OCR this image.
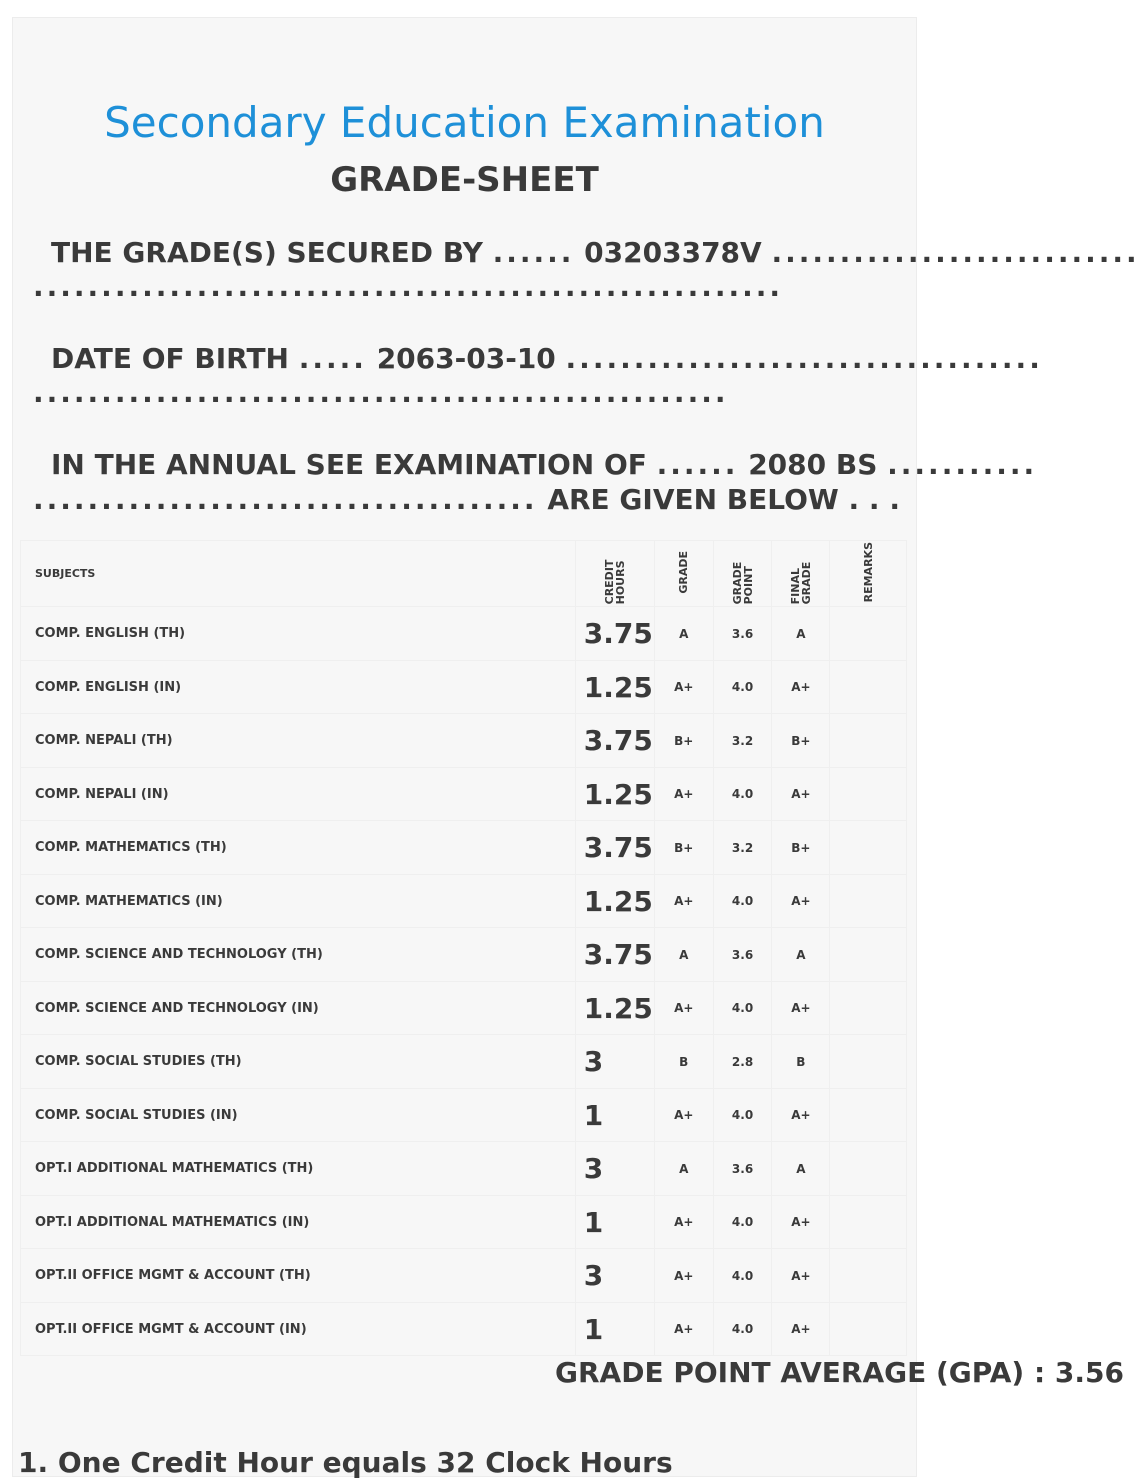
Secondary Education Examination
GRADE-SHEET
THE GRADE(S) SECURED BY ...... 03203378V ...........................
.......................................................
DATE OF BIRTH ..... 2063-03-10 ...................................
...................................................
IN THE ANNUAL SEE EXAMINATION OF ...... 2080 BS ...........
..................................... ARE GIVEN BELOW . . .
SUBJECTS	CREDIT HOURS	GRADE	GRADE POINT	FINAL GRADE	REMARKS
COMP. ENGLISH (TH)	3.75	A	3.6	A	
COMP. ENGLISH (IN)	1.25	A+	4.0	A+	
COMP. NEPALI (TH)	3.75	B+	3.2	B+	
COMP. NEPALI (IN)	1.25	A+	4.0	A+	
COMP. MATHEMATICS (TH)	3.75	B+	3.2	B+	
COMP. MATHEMATICS (IN)	1.25	A+	4.0	A+	
COMP. SCIENCE AND TECHNOLOGY (TH)	3.75	A	3.6	A	
COMP. SCIENCE AND TECHNOLOGY (IN)	1.25	A+	4.0	A+	
COMP. SOCIAL STUDIES (TH)	3	B	2.8	B	
COMP. SOCIAL STUDIES (IN)	1	A+	4.0	A+	
OPT.I ADDITIONAL MATHEMATICS (TH)	3	A	3.6	A	
OPT.I ADDITIONAL MATHEMATICS (IN)	1	A+	4.0	A+	
OPT.II OFFICE MGMT & ACCOUNT (TH)	3	A+	4.0	A+	
OPT.II OFFICE MGMT & ACCOUNT (IN)	1	A+	4.0	A+	
GRADE POINT AVERAGE (GPA) : 3.56
1. One Credit Hour equals 32 Clock Hours
